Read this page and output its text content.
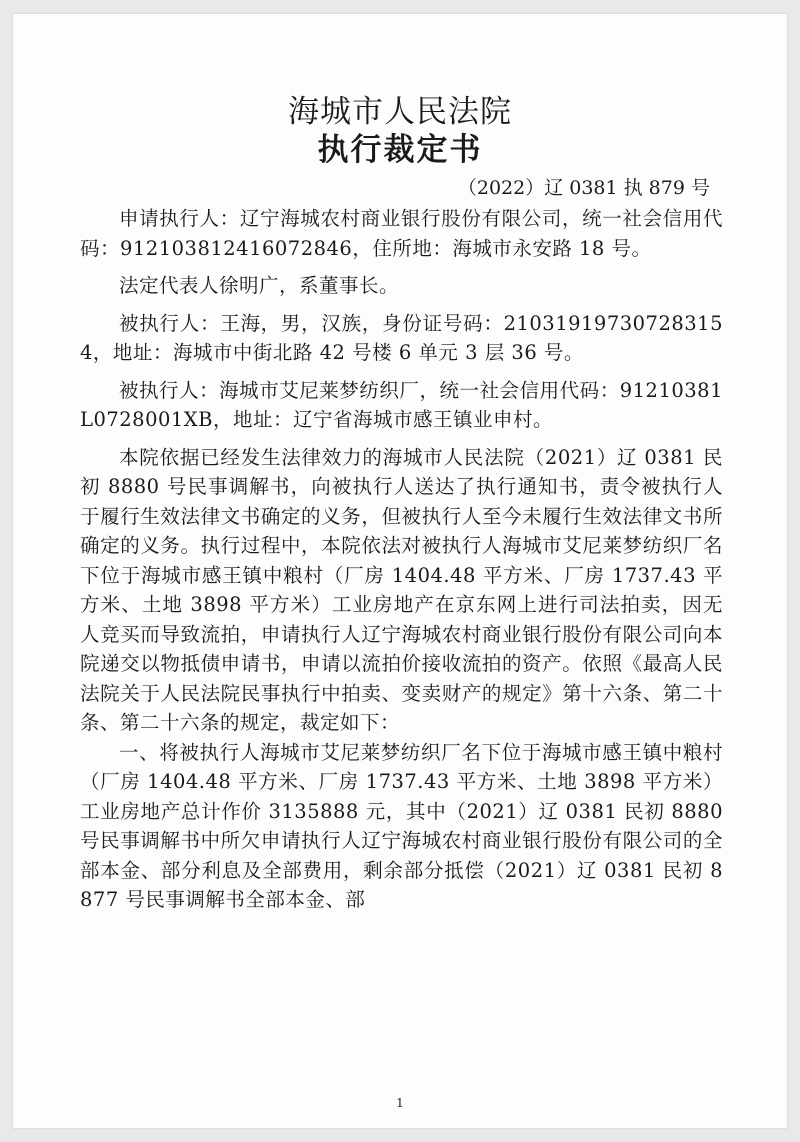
海城市人民法院
执行裁定书
（2022）辽 0381 执 879 号

申请执行人：辽宁海城农村商业银行股份有限公司，统一社会信用代码：912103812416072846，住所地：海城市永安路 18 号。

法定代表人徐明广，系董事长。

被执行人：王海，男，汉族，身份证号码：210319197307283154，地址：海城市中街北路 42 号楼 6 单元 3 层 36 号。

被执行人：海城市艾尼莱梦纺织厂，统一社会信用代码：91210381L0728001XB，地址：辽宁省海城市感王镇业申村。

本院依据已经发生法律效力的海城市人民法院（2021）辽 0381 民初 8880 号民事调解书，向被执行人送达了执行通知书，责令被执行人于履行生效法律文书确定的义务，但被执行人至今未履行生效法律文书所确定的义务。执行过程中，本院依法对被执行人海城市艾尼莱梦纺织厂名下位于海城市感王镇中粮村（厂房 1404.48 平方米、厂房 1737.43 平方米、土地 3898 平方米）工业房地产在京东网上进行司法拍卖，因无人竞买而导致流拍，申请执行人辽宁海城农村商业银行股份有限公司向本院递交以物抵债申请书，申请以流拍价接收流拍的资产。依照《最高人民法院关于人民法院民事执行中拍卖、变卖财产的规定》第十六条、第二十条、第二十六条的规定，裁定如下：

一、将被执行人海城市艾尼莱梦纺织厂名下位于海城市感王镇中粮村（厂房 1404.48 平方米、厂房 1737.43 平方米、土地 3898 平方米）工业房地产总计作价 3135888 元，其中（2021）辽 0381 民初 8880 号民事调解书中所欠申请执行人辽宁海城农村商业银行股份有限公司的全部本金、部分利息及全部费用，剩余部分抵偿（2021）辽 0381 民初 8877 号民事调解书全部本金、部

1
